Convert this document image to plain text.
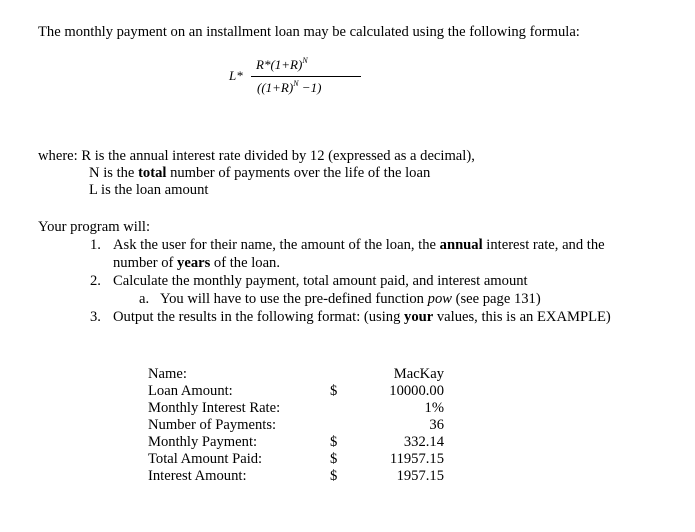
The monthly payment on an installment loan may be calculated using the following formula:
L*
$R*(1+R)^N$
$((1+R)^N -1)$
where: R is the annual interest rate divided by 12 (expressed as a decimal),
N is the total number of payments over the life of the loan
L is the loan amount
Your program will:
1. Ask the user for their name, the amount of the loan, the annual interest rate, and the
number of years of the loan.
2. Calculate the monthly payment, total amount paid, and interest amount
a. You will have to use the pre-defined function pow (see page 131)
3. Output the results in the following format: (using your values, this is an EXAMPLE)
Name:	MacKay
Loan Amount:	$	10000.00
Monthly Interest Rate:	1%
Number of Payments:	36
Monthly Payment:	$	332.14
Total Amount Paid:	$	11957.15
Interest Amount:	$	1957.15
